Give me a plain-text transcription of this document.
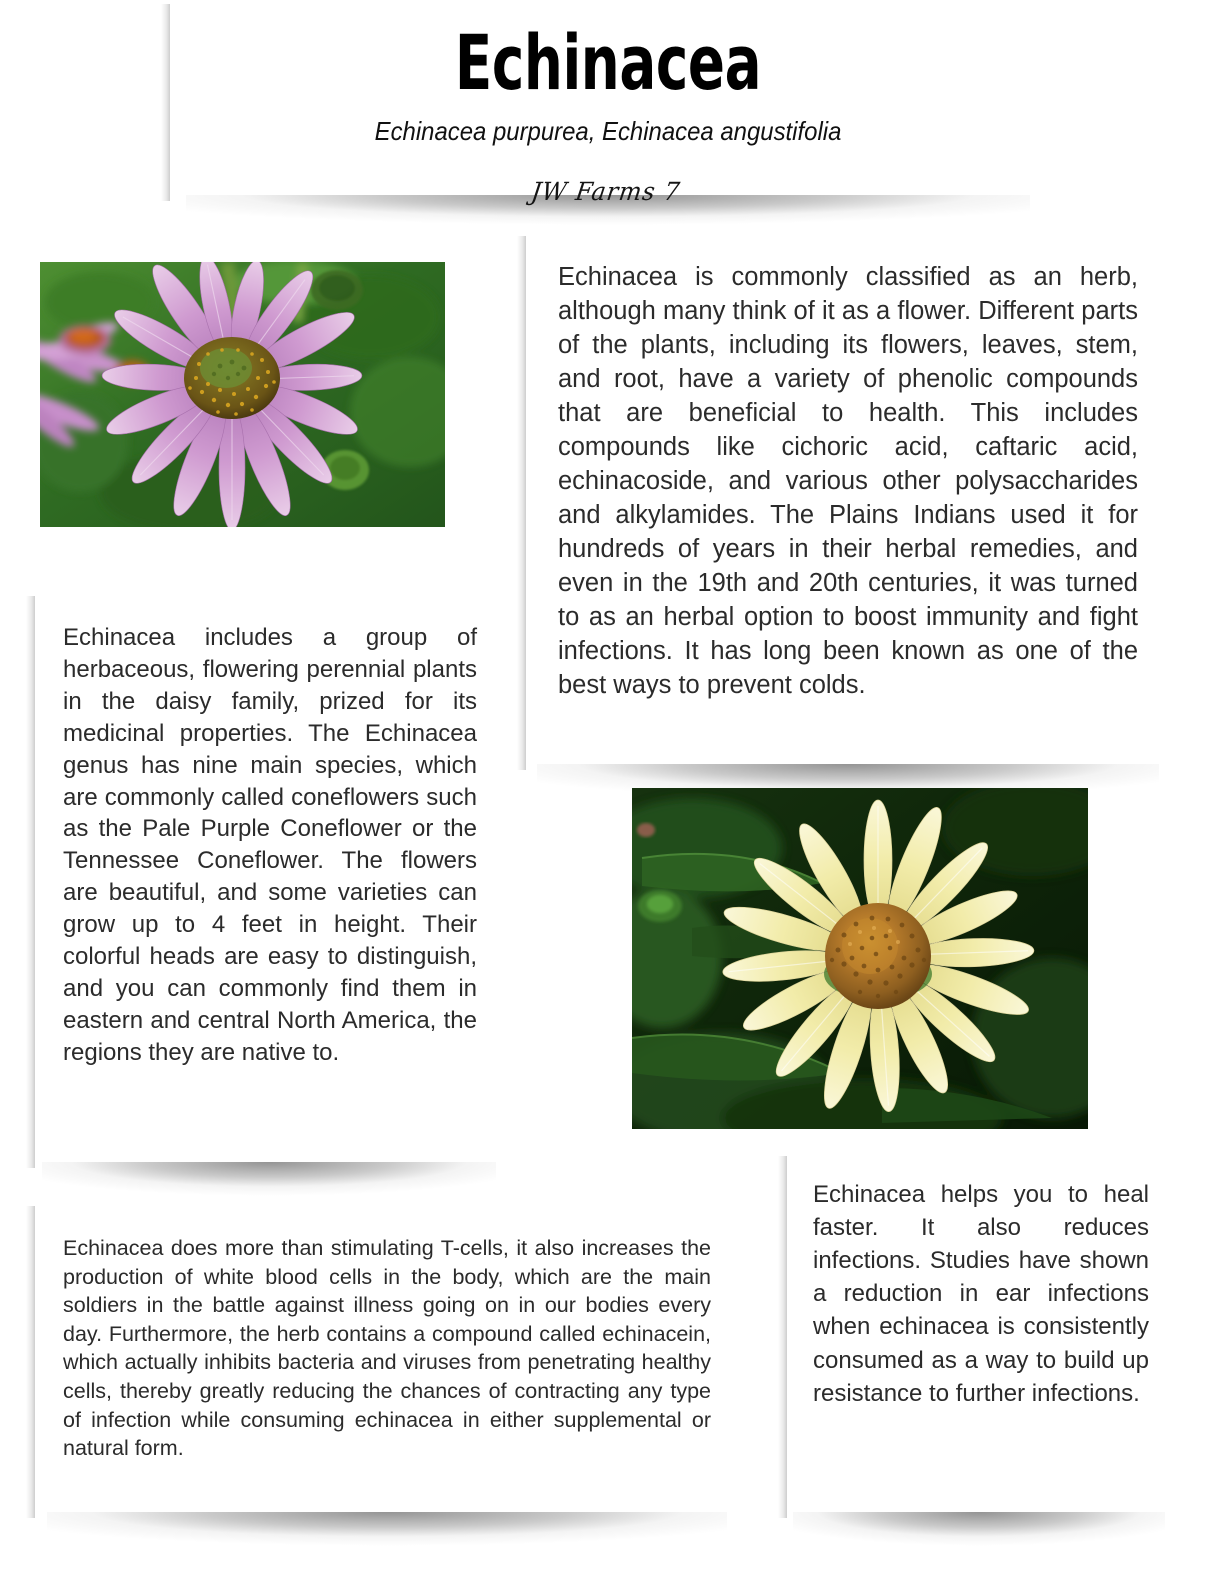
Echinacea
Echinacea purpurea, Echinacea angustifolia
JW Farms 7

Echinacea is commonly classified as an herb, although many think of it as a flower. Different parts of the plants, including its flowers, leaves, stem, and root, have a variety of phenolic compounds that are beneficial to health. This includes compounds like cichoric acid, caftaric acid, echinacoside, and various other polysaccharides and alkylamides. The Plains Indians used it for hundreds of years in their herbal remedies, and even in the 19th and 20th centuries, it was turned to as an herbal option to boost immunity and fight infections. It has long been known as one of the best ways to prevent colds.

Echinacea includes a group of herbaceous, flowering perennial plants in the daisy family, prized for its medicinal properties. The Echinacea genus has nine main species, which are commonly called coneflowers such as the Pale Purple Coneflower or the Tennessee Coneflower. The flowers are beautiful, and some varieties can grow up to 4 feet in height. Their colorful heads are easy to distinguish, and you can commonly find them in eastern and central North America, the regions they are native to.

Echinacea does more than stimulating T-cells, it also increases the production of white blood cells in the body, which are the main soldiers in the battle against illness going on in our bodies every day. Furthermore, the herb contains a compound called echinacein, which actually inhibits bacteria and viruses from penetrating healthy cells, thereby greatly reducing the chances of contracting any type of infection while consuming echinacea in either supplemental or natural form.

Echinacea helps you to heal faster. It also reduces infections. Studies have shown a reduction in ear infections when echinacea is consistently consumed as a way to build up resistance to further infections.
